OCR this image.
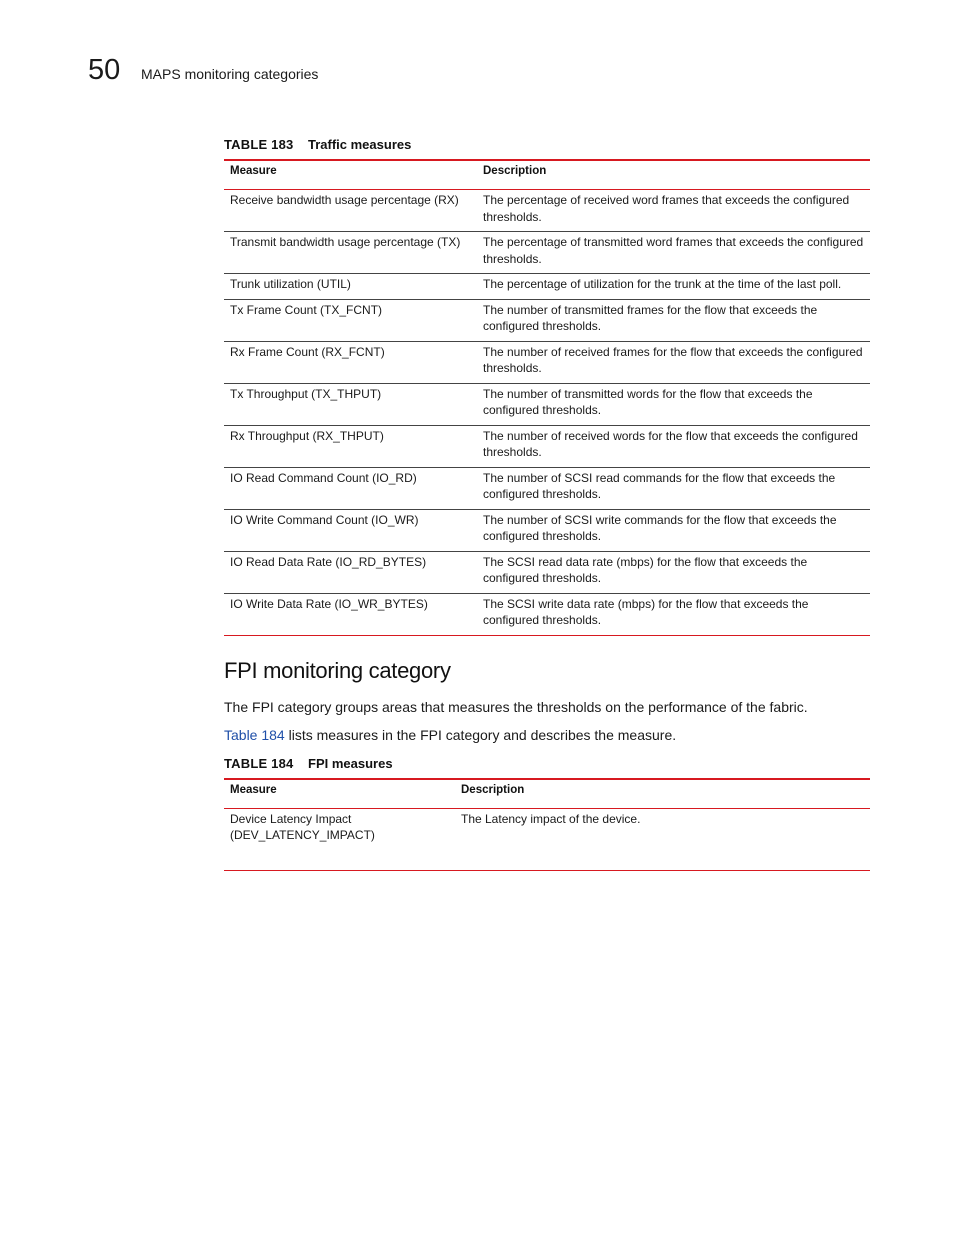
50 MAPS monitoring categories
TABLE 183	Traffic measures
Measure	Description
Receive bandwidth usage percentage (RX)	The percentage of received word frames that exceeds the configured thresholds.
Transmit bandwidth usage percentage (TX)	The percentage of transmitted word frames that exceeds the configured thresholds.
Trunk utilization (UTIL)	The percentage of utilization for the trunk at the time of the last poll.
Tx Frame Count (TX_FCNT)	The number of transmitted frames for the flow that exceeds the configured thresholds.
Rx Frame Count (RX_FCNT)	The number of received frames for the flow that exceeds the configured thresholds.
Tx Throughput (TX_THPUT)	The number of transmitted words for the flow that exceeds the configured thresholds.
Rx Throughput (RX_THPUT)	The number of received words for the flow that exceeds the configured thresholds.
IO Read Command Count (IO_RD)	The number of SCSI read commands for the flow that exceeds the configured thresholds.
IO Write Command Count (IO_WR)	The number of SCSI write commands for the flow that exceeds the configured thresholds.
IO Read Data Rate (IO_RD_BYTES)	The SCSI read data rate (mbps) for the flow that exceeds the configured thresholds.
IO Write Data Rate (IO_WR_BYTES)	The SCSI write data rate (mbps) for the flow that exceeds the configured thresholds.
FPI monitoring category

The FPI category groups areas that measures the thresholds on the performance of the fabric.

Table 184 lists measures in the FPI category and describes the measure.

TABLE 184	FPI measures
Measure	Description
Device Latency Impact (DEV_LATENCY_IMPACT)	The Latency impact of the device.
